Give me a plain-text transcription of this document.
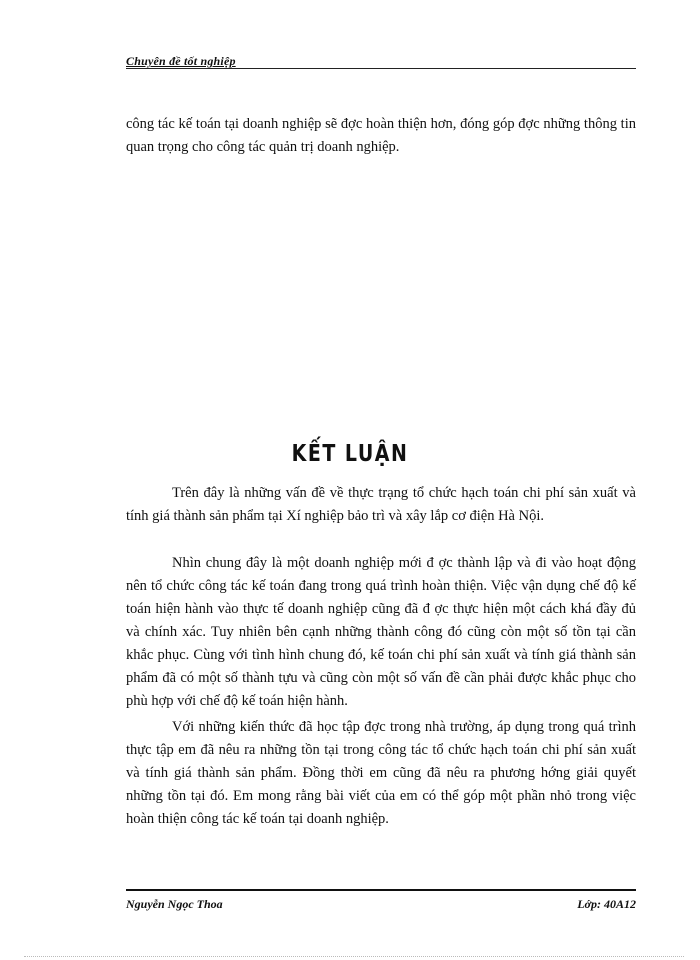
Chuyên đề tốt nghiệp

công tác kế toán tại doanh nghiệp sẽ đợc hoàn thiện hơn, đóng góp đợc những thông tin quan trọng cho công tác quản trị doanh nghiệp.

KẾT LUẬN

Trên đây là những vấn đề về thực trạng tổ chức hạch toán chi phí sản xuất và tính giá thành sản phẩm tại Xí nghiệp bảo trì và xây lắp cơ điện Hà Nội.

Nhìn chung đây là một doanh nghiệp mới đ ợc thành lập và đi vào hoạt động nên tổ chức công tác kế toán đang trong quá trình hoàn thiện. Việc vận dụng chế độ kế toán hiện hành vào thực tế doanh nghiệp cũng đã đ ợc thực hiện một cách khá đầy đủ và chính xác. Tuy nhiên bên cạnh những thành công đó cũng còn một số tồn tại cần khắc phục. Cùng với tình hình chung đó, kế toán chi phí sản xuất và tính giá thành sản phẩm đã có một số thành tựu và cũng còn một số vấn đề cần phải được khắc phục cho phù hợp với chế độ kế toán hiện hành.

Với những kiến thức đã học tập đợc trong nhà trường, áp dụng trong quá trình thực tập em đã nêu ra những tồn tại trong công tác tổ chức hạch toán chi phí sản xuất và tính giá thành sản phẩm. Đồng thời em cũng đã nêu ra phương hớng giải quyết những tồn tại đó. Em mong rằng bài viết của em có thể góp một phần nhỏ trong việc hoàn thiện công tác kế toán tại doanh nghiệp.

Nguyễn Ngọc Thoa	Lớp: 40A12
